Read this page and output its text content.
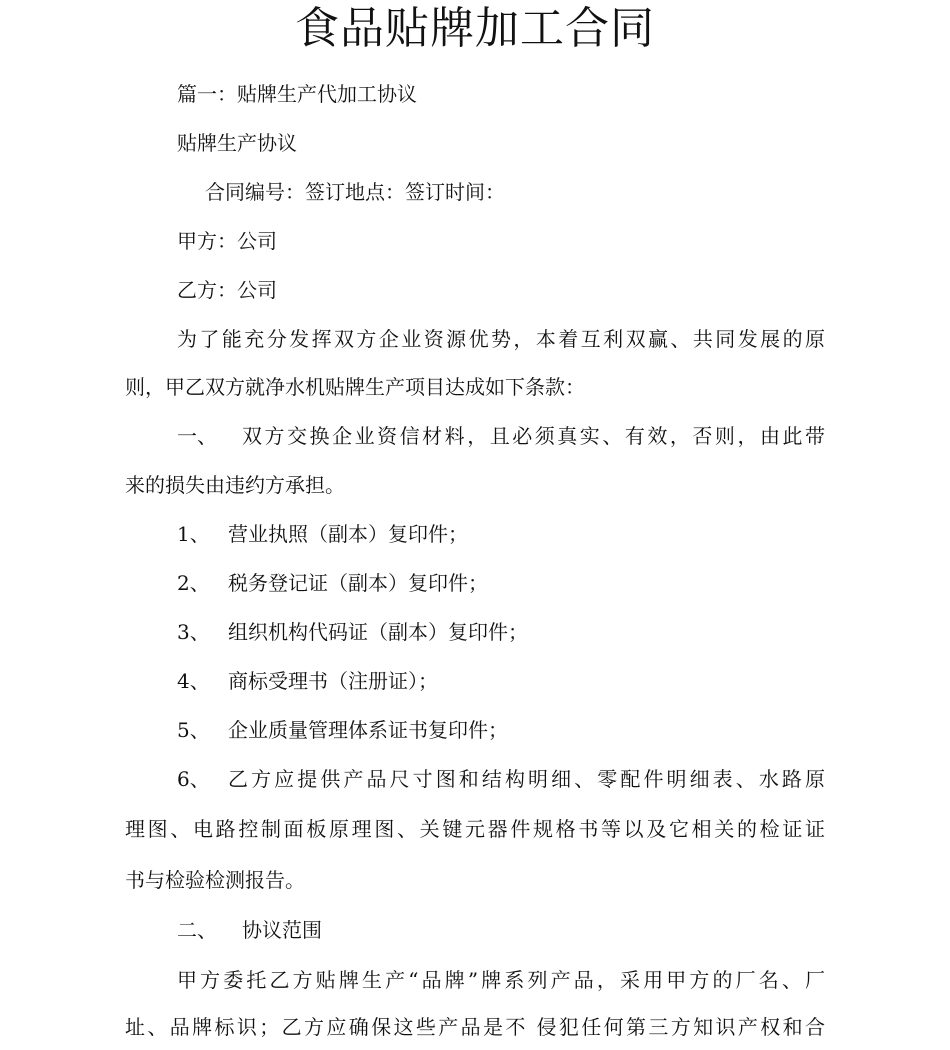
食品贴牌加工合同

篇一：贴牌生产代加工协议

贴牌生产协议

合同编号：签订地点：签订时间：

甲方：公司

乙方：公司

为了能充分发挥双方企业资源优势，本着互利双赢、共同发展的原

则，甲乙双方就净水机贴牌生产项目达成如下条款：

一、 双方交换企业资信材料，且必须真实、有效，否则，由此带

来的损失由违约方承担。

1、 营业执照（副本）复印件；

2、 税务登记证（副本）复印件；

3、 组织机构代码证（副本）复印件；

4、 商标受理书（注册证）；

5、 企业质量管理体系证书复印件；

6、 乙方应提供产品尺寸图和结构明细、零配件明细表、水路原

理图、电路控制面板原理图、关键元器件规格书等以及它相关的检证证

书与检验检测报告。

二、 协议范围

甲方委托乙方贴牌生产“品牌”牌系列产品，采用甲方的厂名、厂

址、品牌标识；乙方应确保这些产品是不 侵犯任何第三方知识产权和合
